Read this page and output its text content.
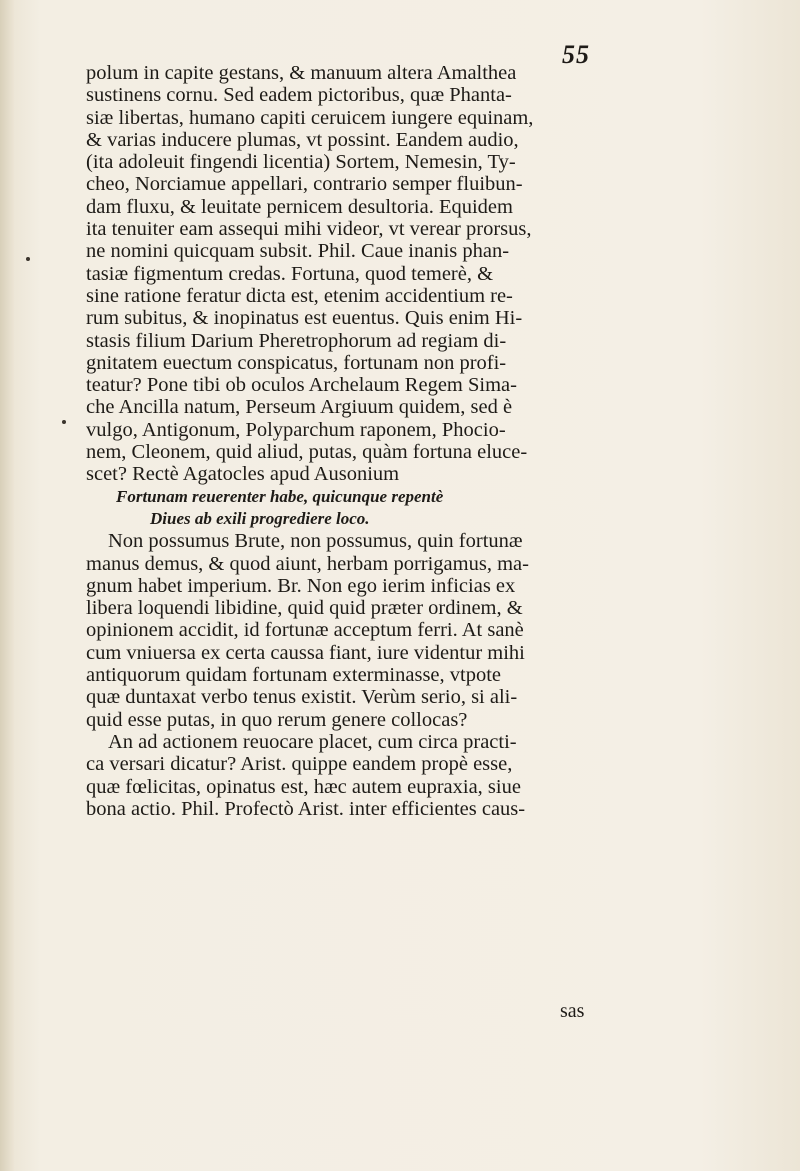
55
polum in capite gestans, & manuum altera Amalthea
sustinens cornu. Sed eadem pictoribus, quæ Phanta-
siæ libertas, humano capiti ceruicem iungere equinam,
& varias inducere plumas, vt possint. Eandem audio,
(ita adoleuit fingendi licentia) Sortem, Nemesin, Ty-
cheo, Norciamue appellari, contrario semper fluibun-
dam fluxu, & leuitate pernicem desultoria. Equidem
ita tenuiter eam assequi mihi videor, vt verear prorsus,
ne nomini quicquam subsit. Phil. Caue inanis phan-
tasiæ figmentum credas. Fortuna, quod temerè, &
sine ratione feratur dicta est, etenim accidentium re-
rum subitus, & inopinatus est euentus. Quis enim Hi-
stasis filium Darium Pheretrophorum ad regiam di-
gnitatem euectum conspicatus, fortunam non profi-
teatur? Pone tibi ob oculos Archelaum Regem Sima-
che Ancilla natum, Perseum Argiuum quidem, sed è
vulgo, Antigonum, Polyparchum raponem, Phocio-
nem, Cleonem, quid aliud, putas, quàm fortuna eluce-
scet? Rectè Agatocles apud Ausonium
Fortunam reuerenter habe, quicunque repentè
Diues ab exili progrediere loco.
Non possumus Brute, non possumus, quin fortunæ
manus demus, & quod aiunt, herbam porrigamus, ma-
gnum habet imperium. Br. Non ego ierim inficias ex
libera loquendi libidine, quid quid præter ordinem, &
opinionem accidit, id fortunæ acceptum ferri. At sanè
cum vniuersa ex certa caussa fiant, iure videntur mihi
antiquorum quidam fortunam exterminasse, vtpote
quæ duntaxat verbo tenus existit. Verùm serio, si ali-
quid esse putas, in quo rerum genere collocas?
An ad actionem reuocare placet, cum circa practi-
ca versari dicatur? Arist. quippe eandem propè esse,
quæ fœlicitas, opinatus est, hæc autem eupraxia, siue
bona actio. Phil. Profectò Arist. inter efficientes caus-
sas
